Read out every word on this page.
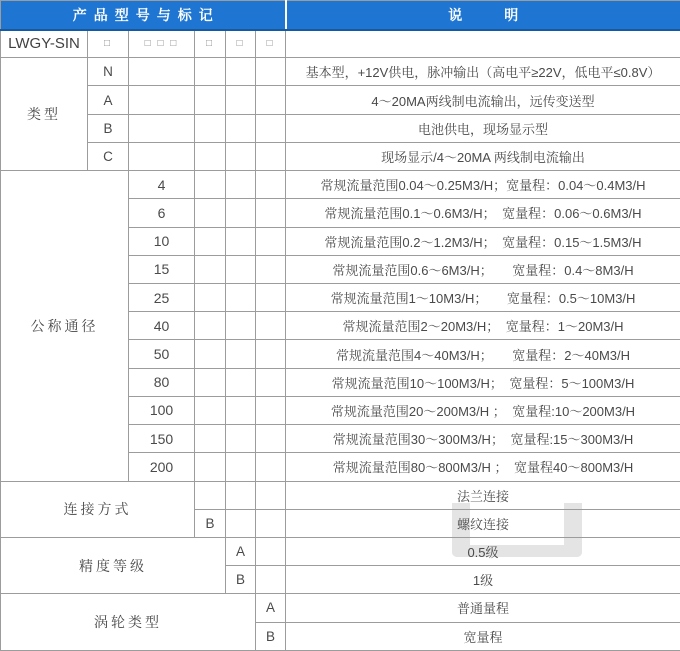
产品型号与标记						说明
LWGY-SIN	□	□ □ □	□	□	□	
类型	N					基本型，+12V供电，脉冲输出（高电平≥22V，低电平≤0.8V）
	A					4～20MA两线制电流输出，远传变送型
	B					电池供电，现场显示型
	C					现场显示/4～20MA 两线制电流输出
公称通径		4				常规流量范围0.04～0.25M3/H；宽量程：0.04～0.4M3/H
		6				常规流量范围0.1～0.6M3/H；　宽量程：0.06～0.6M3/H
		10				常规流量范围0.2～1.2M3/H；　宽量程：0.15～1.5M3/H
		15				常规流量范围0.6～6M3/H；　　宽量程：0.4～8M3/H
		25				常规流量范围1～10M3/H；　　宽量程：0.5～10M3/H
		40				常规流量范围2～20M3/H；　宽量程：1～20M3/H
		50				常规流量范围4～40M3/H；　　宽量程：2～40M3/H
		80				常规流量范围10～100M3/H；　宽量程：5～100M3/H
		100				常规流量范围20～200M3/H ；　宽量程:10～200M3/H
		150				常规流量范围30～300M3/H；　宽量程:15～300M3/H
		200				常规流量范围80～800M3/H ；　宽量程40～800M3/H
连接方式						法兰连接
			B			螺纹连接
精度等级				A		0.5级
				B		1级
涡轮类型					A	普通量程
					B	宽量程
